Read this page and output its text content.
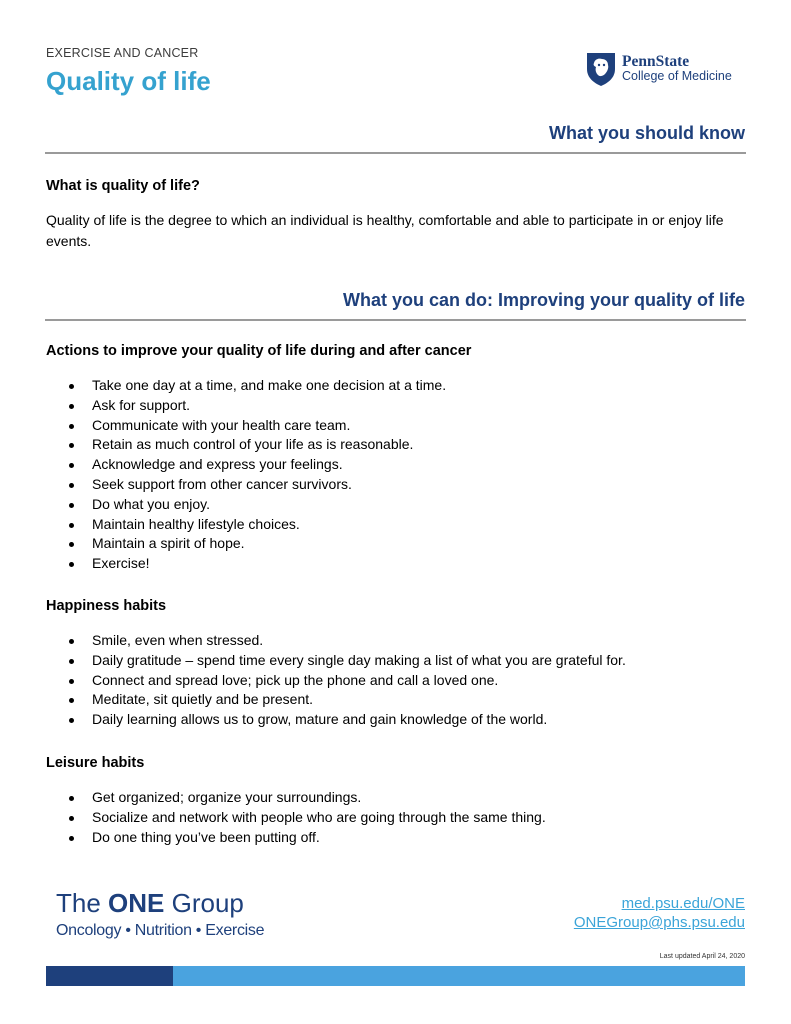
EXERCISE AND CANCER
Quality of life
PennState
College of Medicine
What you should know
What is quality of life?

Quality of life is the degree to which an individual is healthy, comfortable and able to participate in or enjoy life events.

What you can do: Improving your quality of life
Actions to improve your quality of life during and after cancer
Take one day at a time, and make one decision at a time.
Ask for support.
Communicate with your health care team.
Retain as much control of your life as is reasonable.
Acknowledge and express your feelings.
Seek support from other cancer survivors.
Do what you enjoy.
Maintain healthy lifestyle choices.
Maintain a spirit of hope.
Exercise!
Happiness habits
Smile, even when stressed.
Daily gratitude – spend time every single day making a list of what you are grateful for.
Connect and spread love; pick up the phone and call a loved one.
Meditate, sit quietly and be present.
Daily learning allows us to grow, mature and gain knowledge of the world.
Leisure habits
Get organized; organize your surroundings.
Socialize and network with people who are going through the same thing.
Do one thing you’ve been putting off.
The ONE Group
Oncology • Nutrition • Exercise
med.psu.edu/ONE
ONEGroup@phs.psu.edu
Last updated April 24, 2020
